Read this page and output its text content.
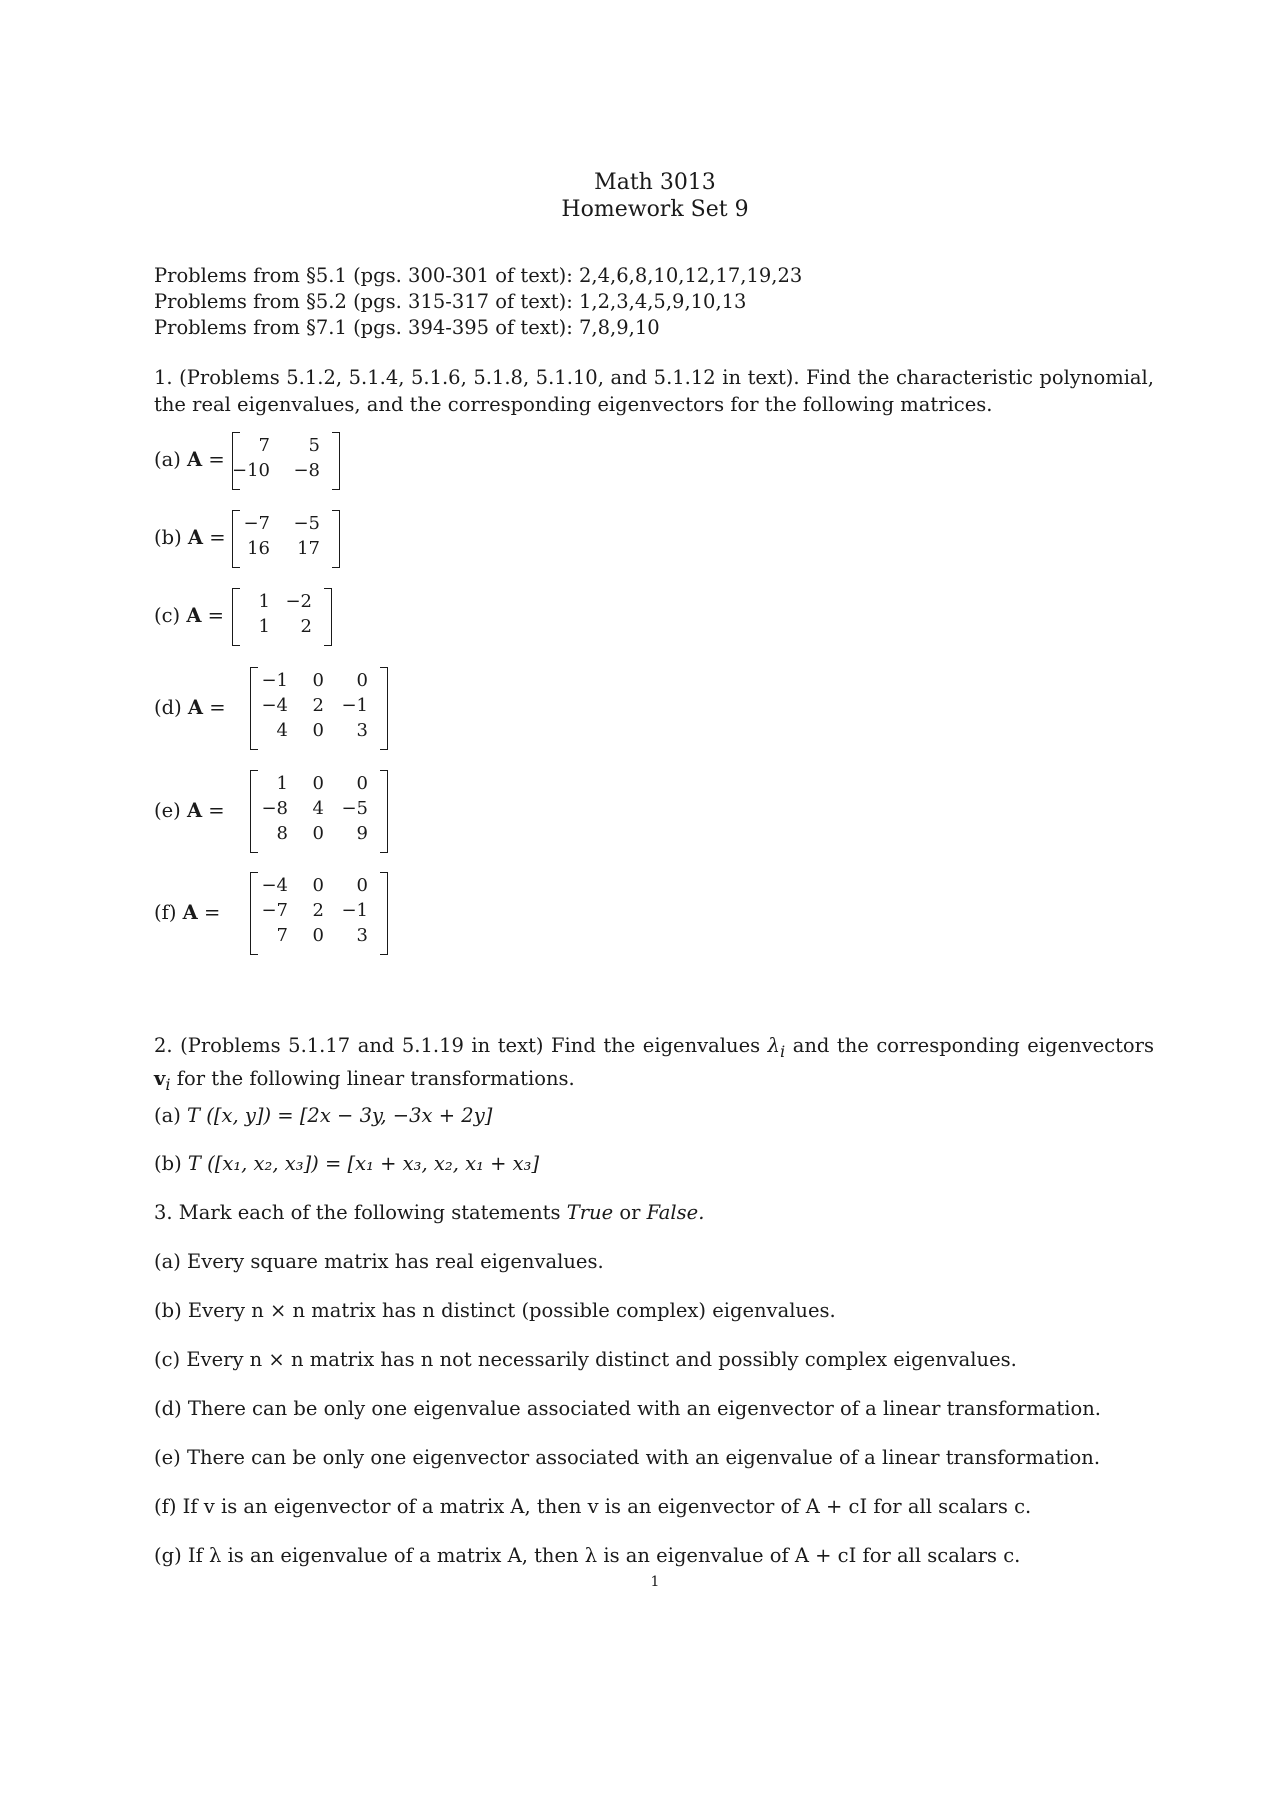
Math 3013
Homework Set 9
Problems from §5.1 (pgs. 300-301 of text): 2,4,6,8,10,12,17,19,23
Problems from §5.2 (pgs. 315-317 of text): 1,2,3,4,5,9,10,13
Problems from §7.1 (pgs. 394-395 of text): 7,8,9,10

1. (Problems 5.1.2, 5.1.4, 5.1.6, 5.1.8, 5.1.10, and 5.1.12 in text). Find the characteristic polynomial, the real eigenvalues, and the corresponding eigenvectors for the following matrices.

(a) A =
7	5
−10	−8
(b) A =
−7	−5
16	17
(c) A =
1 −2
1	2
(d) A =
−1	0	0
−4	2 −1
4	0	3
(e) A =
1	0	0
−8	4 −5
8	0	9
(f) A =
−4	0	0
−7	2 −1
7	0	3

2. (Problems 5.1.17 and 5.1.19 in text) Find the eigenvalues $\lambda_i$ and the corresponding eigenvectors $v_i$ for the following linear transformations.

(a) T ([x, y]) = [2x − 3y, −3x + 2y]
(b) T ([x₁, x₂, x₃]) = [x₁ + x₃, x₂, x₁ + x₃]
3. Mark each of the following statements True or False.
(a) Every square matrix has real eigenvalues.
(b) Every n × n matrix has n distinct (possible complex) eigenvalues.
(c) Every n × n matrix has n not necessarily distinct and possibly complex eigenvalues.
(d) There can be only one eigenvalue associated with an eigenvector of a linear transformation.
(e) There can be only one eigenvector associated with an eigenvalue of a linear transformation.
(f) If v is an eigenvector of a matrix A, then v is an eigenvector of A + cI for all scalars c.
(g) If λ is an eigenvalue of a matrix A, then λ is an eigenvalue of A + cI for all scalars c.
1
